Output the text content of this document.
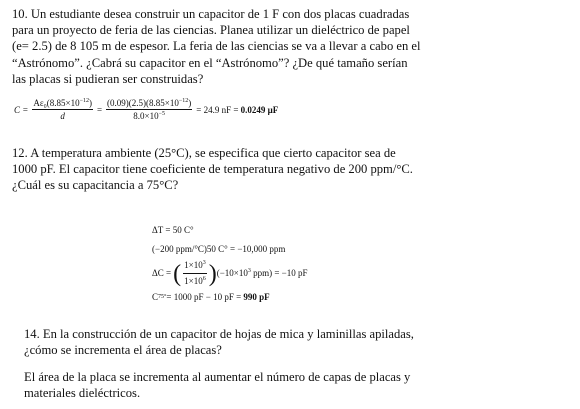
10. Un estudiante desea construir un capacitor de 1 F con dos placas cuadradas
para un proyecto de feria de las ciencias. Planea utilizar un dieléctrico de papel
(e= 2.5) de 8 105 m de espesor. La feria de las ciencias se va a llevar a cabo en el
“Astrónomo”. ¿Cabrá su capacitor en el “Astrónomo”? ¿De qué tamaño serían
las placas si pudieran ser construidas?
$C = \frac{A\varepsilon_0(8.85\times 10^{-12})}{d} = \frac{(0.09)(2.5)(8.85\times 10^{-12})}{8.0\times 10^{-5}} = 24.9$ nF = 0.0249 μF
12. A temperatura ambiente (25°C), se especifica que cierto capacitor sea de
1000 pF. El capacitor tiene coeficiente de temperatura negativo de 200 ppm/°C.
¿Cuál es su capacitancia a 75°C?
ΔT = 50 C°
(−200 ppm/°C)50 C° = −10,000 ppm
ΔC = ( $\frac{1\times 10^3}{1\times 10^6}$ ) ($-10\times 10^3$ ppm) = −10 pF
C 75° = 1000 pF − 10 pF =
990 pF
14. En la construcción de un capacitor de hojas de mica y laminillas apiladas,
¿cómo se incrementa el área de placas?
El área de la placa se incrementa al aumentar el número de capas de placas y
materiales dieléctricos.
